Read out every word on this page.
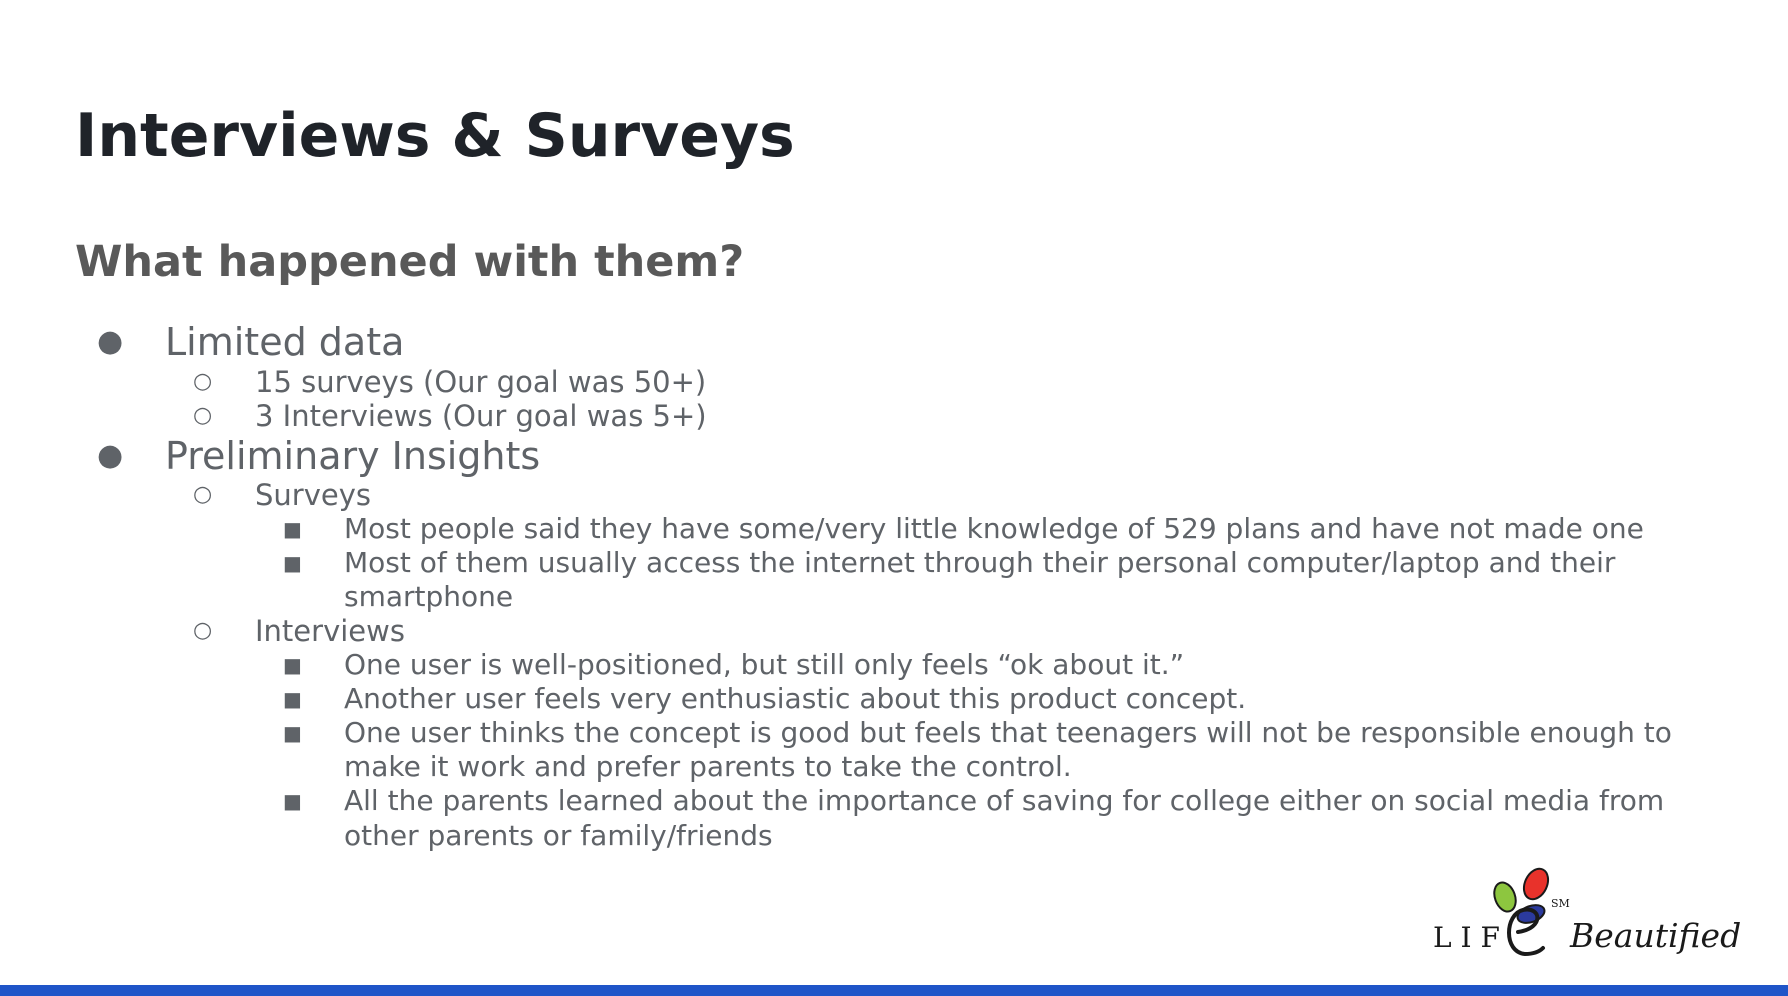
Interviews & Surveys
What happened with them?
● Limited data
○ 15 surveys (Our goal was 50+)
○ 3 Interviews (Our goal was 5+)
● Preliminary Insights
○ Surveys
■ Most people said they have some/very little knowledge of 529 plans and have not made one
■ Most of them usually access the internet through their personal computer/laptop and their
smartphone
○ Interviews
■ One user is well-positioned, but still only feels “ok about it.”
■ Another user feels very enthusiastic about this product concept.
■ One user thinks the concept is good but feels that teenagers will not be responsible enough to
make it work and prefer parents to take the control.
■ All the parents learned about the importance of saving for college either on social media from
other parents or family/friends
L I F
SM
Beautified
